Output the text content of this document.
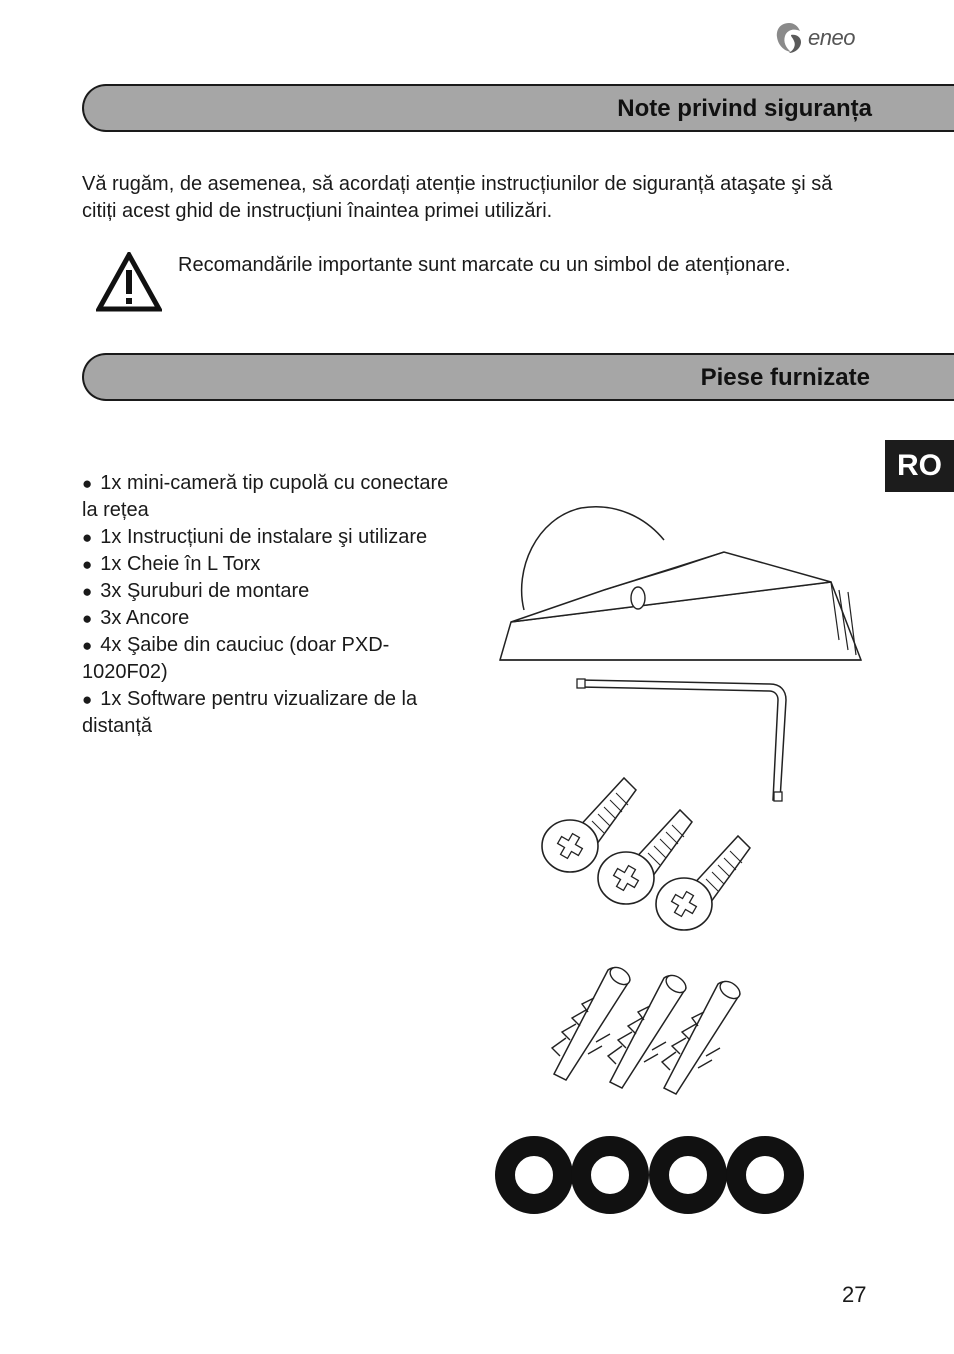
eneo
Note privind siguranța

Vă rugăm, de asemenea, să acordați atenție instrucțiunilor de siguranță ataşate şi să citiți acest ghid de instrucțiuni înaintea primei utilizări.

Recomandările importante sunt marcate cu un simbol de atenționare.

Piese furnizate
RO
● 1x mini-cameră tip cupolă cu conectare la rețea
● 1x Instrucțiuni de instalare şi utilizare
● 1x Cheie în L Torx
● 3x Şuruburi de montare
● 3x Ancore
● 4x Şaibe din cauciuc (doar PXD-1020F02)
● 1x Software pentru vizualizare de la distanță
27
